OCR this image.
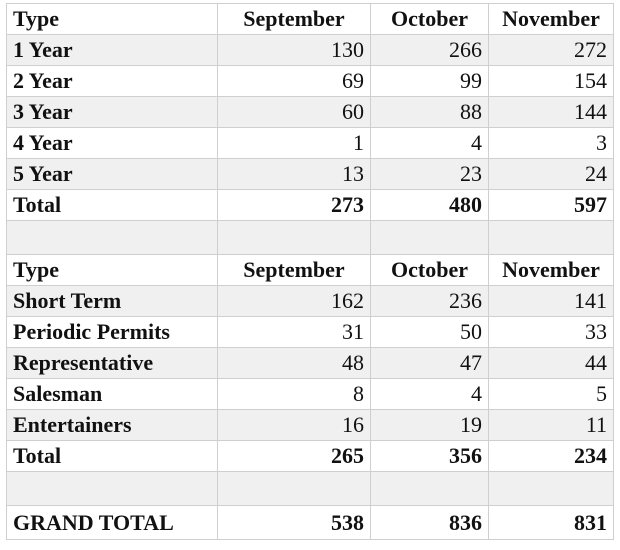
Type	September	October	November
1 Year	130	266	272
2 Year	69	99	154
3 Year	60	88	144
4 Year	1	4	3
5 Year	13	23	24
Total	273	480	597

Type	September	October	November
Short Term	162	236	141
Periodic Permits	31	50	33
Representative	48	47	44
Salesman	8	4	5
Entertainers	16	19	11
Total	265	356	234

GRAND TOTAL	538	836	831
